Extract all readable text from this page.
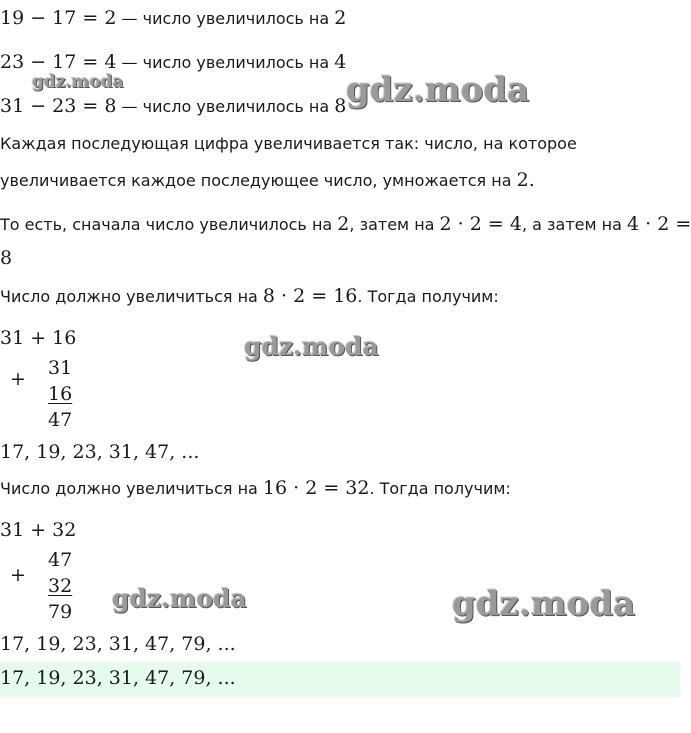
19 − 17 = 2 — число увеличилось на 2
23 − 17 = 4 — число увеличилось на 4
31 − 23 = 8 — число увеличилось на 8
Каждая последующая цифра увеличивается так: число, на которое
увеличивается каждое последующее число, умножается на 2.
То есть, сначала число увеличилось на 2, затем на 2 · 2 = 4, а затем на 4 · 2 =
8
Число должно увеличиться на 8 · 2 = 16. Тогда получим:
31 + 16
+ 31
16
47
17, 19, 23, 31, 47, ...
Число должно увеличиться на 16 · 2 = 32. Тогда получим:
31 + 32
+
47
32
79
17, 19, 23, 31, 47, 79, ...
17, 19, 23, 31, 47, 79, ...
gdz.moda	gdz.moda
gdz.moda
gdz.moda	gdz.moda
